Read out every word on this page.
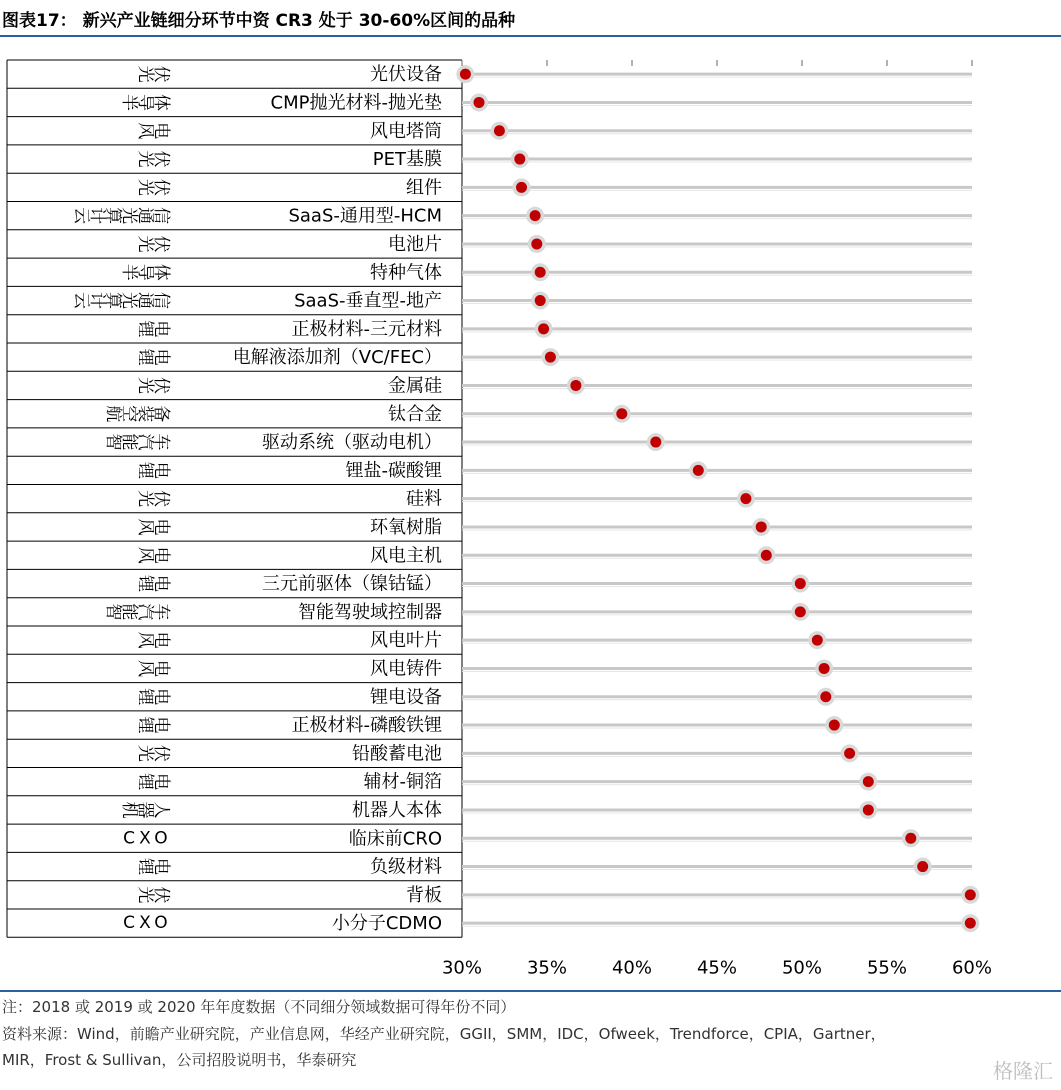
图表17： 新兴产业链细分环节中资 CR3 处于 30-60%区间的品种
光
伏	光伏设备
半
导
体	CMP抛光材料-抛光垫
风
电	风电塔筒
光
伏	PET基膜
光
伏	组件
云
计
算
光
通
信	SaaS-通用型-HCM
光
伏	电池片
半
导
体	特种气体
云
计
算
光
通
信	SaaS-垂直型-地产
锂
电	正极材料-三元材料
锂
电	电解液添加剂（VC/FEC）
光
伏	金属硅
航
空
装
备	钛合金
智
能
汽
车	驱动系统（驱动电机）
锂
电	锂盐-碳酸锂
光
伏	硅料
风
电	环氧树脂
风
电	风电主机
锂
电	三元前驱体（镍钴锰）
智
能
汽
车	智能驾驶域控制器
风
电	风电叶片
风
电	风电铸件
锂
电	锂电设备
锂
电	正极材料-磷酸铁锂
光
伏	铅酸蓄电池
锂
电	辅材-铜箔
机
器
人	机器人本体
C X O	临床前CRO
锂
电	负级材料
光
伏	背板
C X O	小分子CDMO
30% 35% 40% 45% 50% 55% 60%
注：2018 或 2019 或 2020 年年度数据（不同细分领域数据可得年份不同）
资料来源：Wind，前瞻产业研究院，产业信息网，华经产业研究院，GGII，SMM，IDC，Ofweek，Trendforce，CPIA，Gartner，
MIR，Frost & Sullivan，公司招股说明书，华泰研究	格隆汇
